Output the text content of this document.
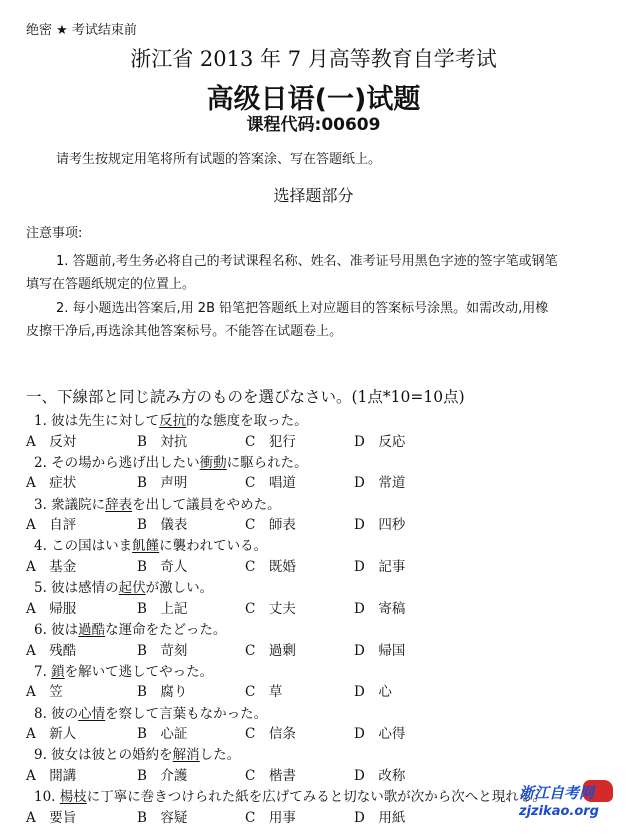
绝密 ★ 考试结束前
浙江省 2013 年 7 月高等教育自学考试
高级日语(一)试题
课程代码:00609
请考生按规定用笔将所有试题的答案涂、写在答题纸上。
选择题部分
注意事项:
1. 答题前,考生务必将自己的考试课程名称、姓名、准考证号用黑色字迹的签字笔或钢笔
填写在答题纸规定的位置上。
2. 每小题选出答案后,用 2B 铅笔把答题纸上对应题目的答案标号涂黑。如需改动,用橡
皮擦干净后,再选涂其他答案标号。不能答在试题卷上。
一、下線部と同じ読み方のものを選びなさい。(1点*10=10点)
1. 彼は先生に対して反抗的な態度を取った。
A　反対	B　対抗	C　犯行	D　反応
2. その場から逃げ出したい衝動に駆られた。
A　症状	B　声明	C　唱道	D　常道
3. 衆議院に辞表を出して議員をやめた。
A　自評	B　儀表	C　師表	D　四秒
4. この国はいま飢饉に襲われている。
A　基金	B　奇人	C　既婚	D　記事
5. 彼は感情の起伏が激しい。
A　帰服	B　上記	C　丈夫	D　寄稿
6. 彼は過酷な運命をたどった。
A　残酷	B　苛刻	C　過剰	D　帰国
7. 鎖を解いて逃してやった。
A　笠	B　腐り	C　草	D　心
8. 彼の心情を察して言葉もなかった。
A　新人	B　心証	C　信条	D　心得
9. 彼女は彼との婚約を解消した。
A　開講	B　介護	C　楷書	D　改称
10. 楊枝に丁寧に巻きつけられた紙を広げてみると切ない歌が次から次へと現れる。
A　要旨	B　容疑	C　用事	D　用紙
浙江自考网
zjzikao.org
